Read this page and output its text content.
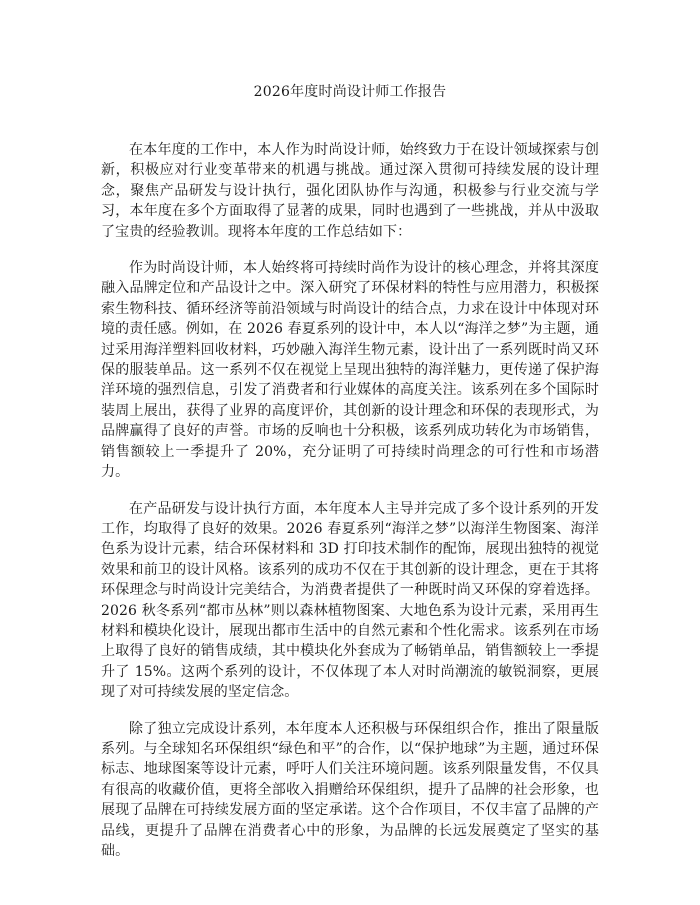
2026年度时尚设计师工作报告

在本年度的工作中，本人作为时尚设计师，始终致力于在设计领域探索与创新，积极应对行业变革带来的机遇与挑战。通过深入贯彻可持续发展的设计理念，聚焦产品研发与设计执行，强化团队协作与沟通，积极参与行业交流与学习，本年度在多个方面取得了显著的成果，同时也遇到了一些挑战，并从中汲取了宝贵的经验教训。现将本年度的工作总结如下：

作为时尚设计师，本人始终将可持续时尚作为设计的核心理念，并将其深度融入品牌定位和产品设计之中。深入研究了环保材料的特性与应用潜力，积极探索生物科技、循环经济等前沿领域与时尚设计的结合点，力求在设计中体现对环境的责任感。例如，在 2026 春夏系列的设计中，本人以“海洋之梦”为主题，通过采用海洋塑料回收材料，巧妙融入海洋生物元素，设计出了一系列既时尚又环保的服装单品。这一系列不仅在视觉上呈现出独特的海洋魅力，更传递了保护海洋环境的强烈信息，引发了消费者和行业媒体的高度关注。该系列在多个国际时装周上展出，获得了业界的高度评价，其创新的设计理念和环保的表现形式，为品牌赢得了良好的声誉。市场的反响也十分积极，该系列成功转化为市场销售，销售额较上一季提升了 20%，充分证明了可持续时尚理念的可行性和市场潜力。

在产品研发与设计执行方面，本年度本人主导并完成了多个设计系列的开发工作，均取得了良好的效果。2026 春夏系列“海洋之梦”以海洋生物图案、海洋色系为设计元素，结合环保材料和 3D 打印技术制作的配饰，展现出独特的视觉效果和前卫的设计风格。该系列的成功不仅在于其创新的设计理念，更在于其将环保理念与时尚设计完美结合，为消费者提供了一种既时尚又环保的穿着选择。2026 秋冬系列“都市丛林”则以森林植物图案、大地色系为设计元素，采用再生材料和模块化设计，展现出都市生活中的自然元素和个性化需求。该系列在市场上取得了良好的销售成绩，其中模块化外套成为了畅销单品，销售额较上一季提升了 15%。这两个系列的设计，不仅体现了本人对时尚潮流的敏锐洞察，更展现了对可持续发展的坚定信念。

除了独立完成设计系列，本年度本人还积极与环保组织合作，推出了限量版系列。与全球知名环保组织“绿色和平”的合作，以“保护地球”为主题，通过环保标志、地球图案等设计元素，呼吁人们关注环境问题。该系列限量发售，不仅具有很高的收藏价值，更将全部收入捐赠给环保组织，提升了品牌的社会形象，也展现了品牌在可持续发展方面的坚定承诺。这个合作项目，不仅丰富了品牌的产品线，更提升了品牌在消费者心中的形象，为品牌的长远发展奠定了坚实的基础。
